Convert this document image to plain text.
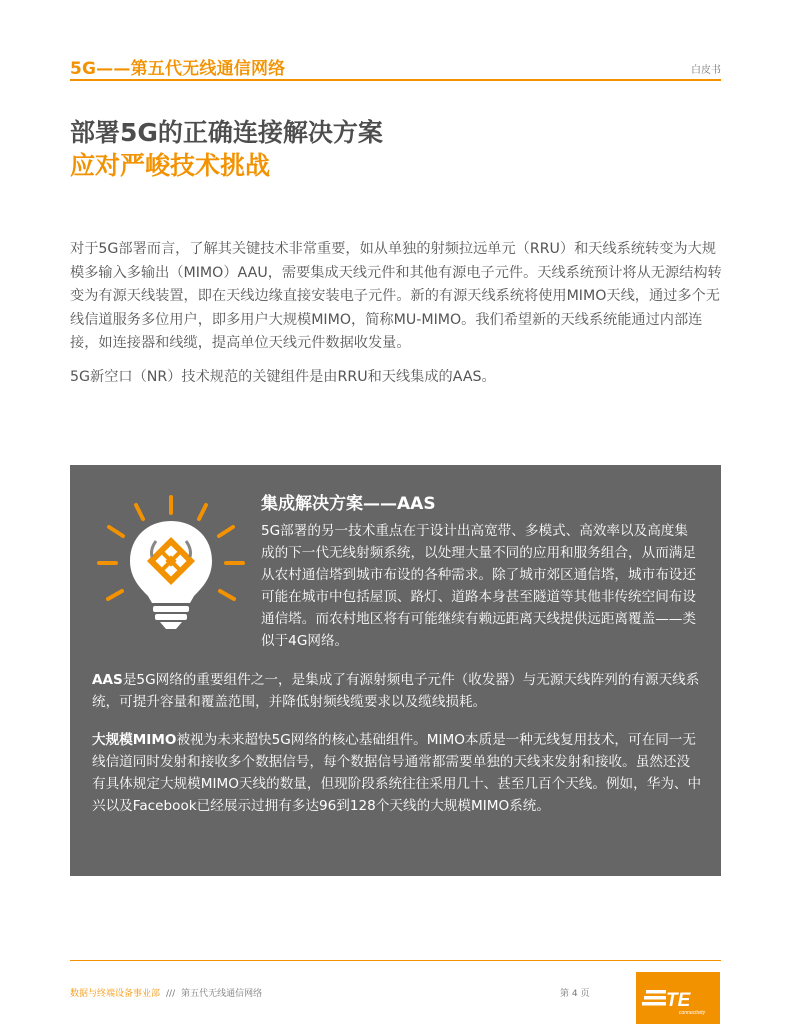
5G——第五代无线通信网络	白皮书
部署5G的正确连接解决方案
应对严峻技术挑战

对于5G部署而言，了解其关键技术非常重要，如从单独的射频拉远单元（RRU）和天线系统转变为大规模多输入多输出（MIMO）AAU，需要集成天线元件和其他有源电子元件。天线系统预计将从无源结构转变为有源天线装置，即在天线边缘直接安装电子元件。新的有源天线系统将使用MIMO天线，通过多个无线信道服务多位用户，即多用户大规模MIMO，简称MU-MIMO。我们希望新的天线系统能通过内部连接，如连接器和线缆，提高单位天线元件数据收发量。

5G新空口（NR）技术规范的关键组件是由RRU和天线集成的AAS。

集成解决方案——AAS

5G部署的另一技术重点在于设计出高宽带、多模式、高效率以及高度集成的下一代无线射频系统，以处理大量不同的应用和服务组合，从而满足从农村通信塔到城市布设的各种需求。除了城市郊区通信塔，城市布设还可能在城市中包括屋顶、路灯、道路本身甚至隧道等其他非传统空间布设通信塔。而农村地区将有可能继续有赖远距离天线提供远距离覆盖——类似于4G网络。

AAS是5G网络的重要组件之一，是集成了有源射频电子元件（收发器）与无源天线阵列的有源天线系统，可提升容量和覆盖范围，并降低射频线缆要求以及缆线损耗。

大规模MIMO被视为未来超快5G网络的核心基础组件。MIMO本质是一种无线复用技术，可在同一无线信道同时发射和接收多个数据信号，每个数据信号通常都需要单独的天线来发射和接收。虽然还没有具体规定大规模MIMO天线的数量，但现阶段系统往往采用几十、甚至几百个天线。例如，华为、中兴以及Facebook已经展示过拥有多达96到128个天线的大规模MIMO系统。

数据与终端设备事业部 /// 第五代无线通信网络	第 4 页	TE
connectivity
